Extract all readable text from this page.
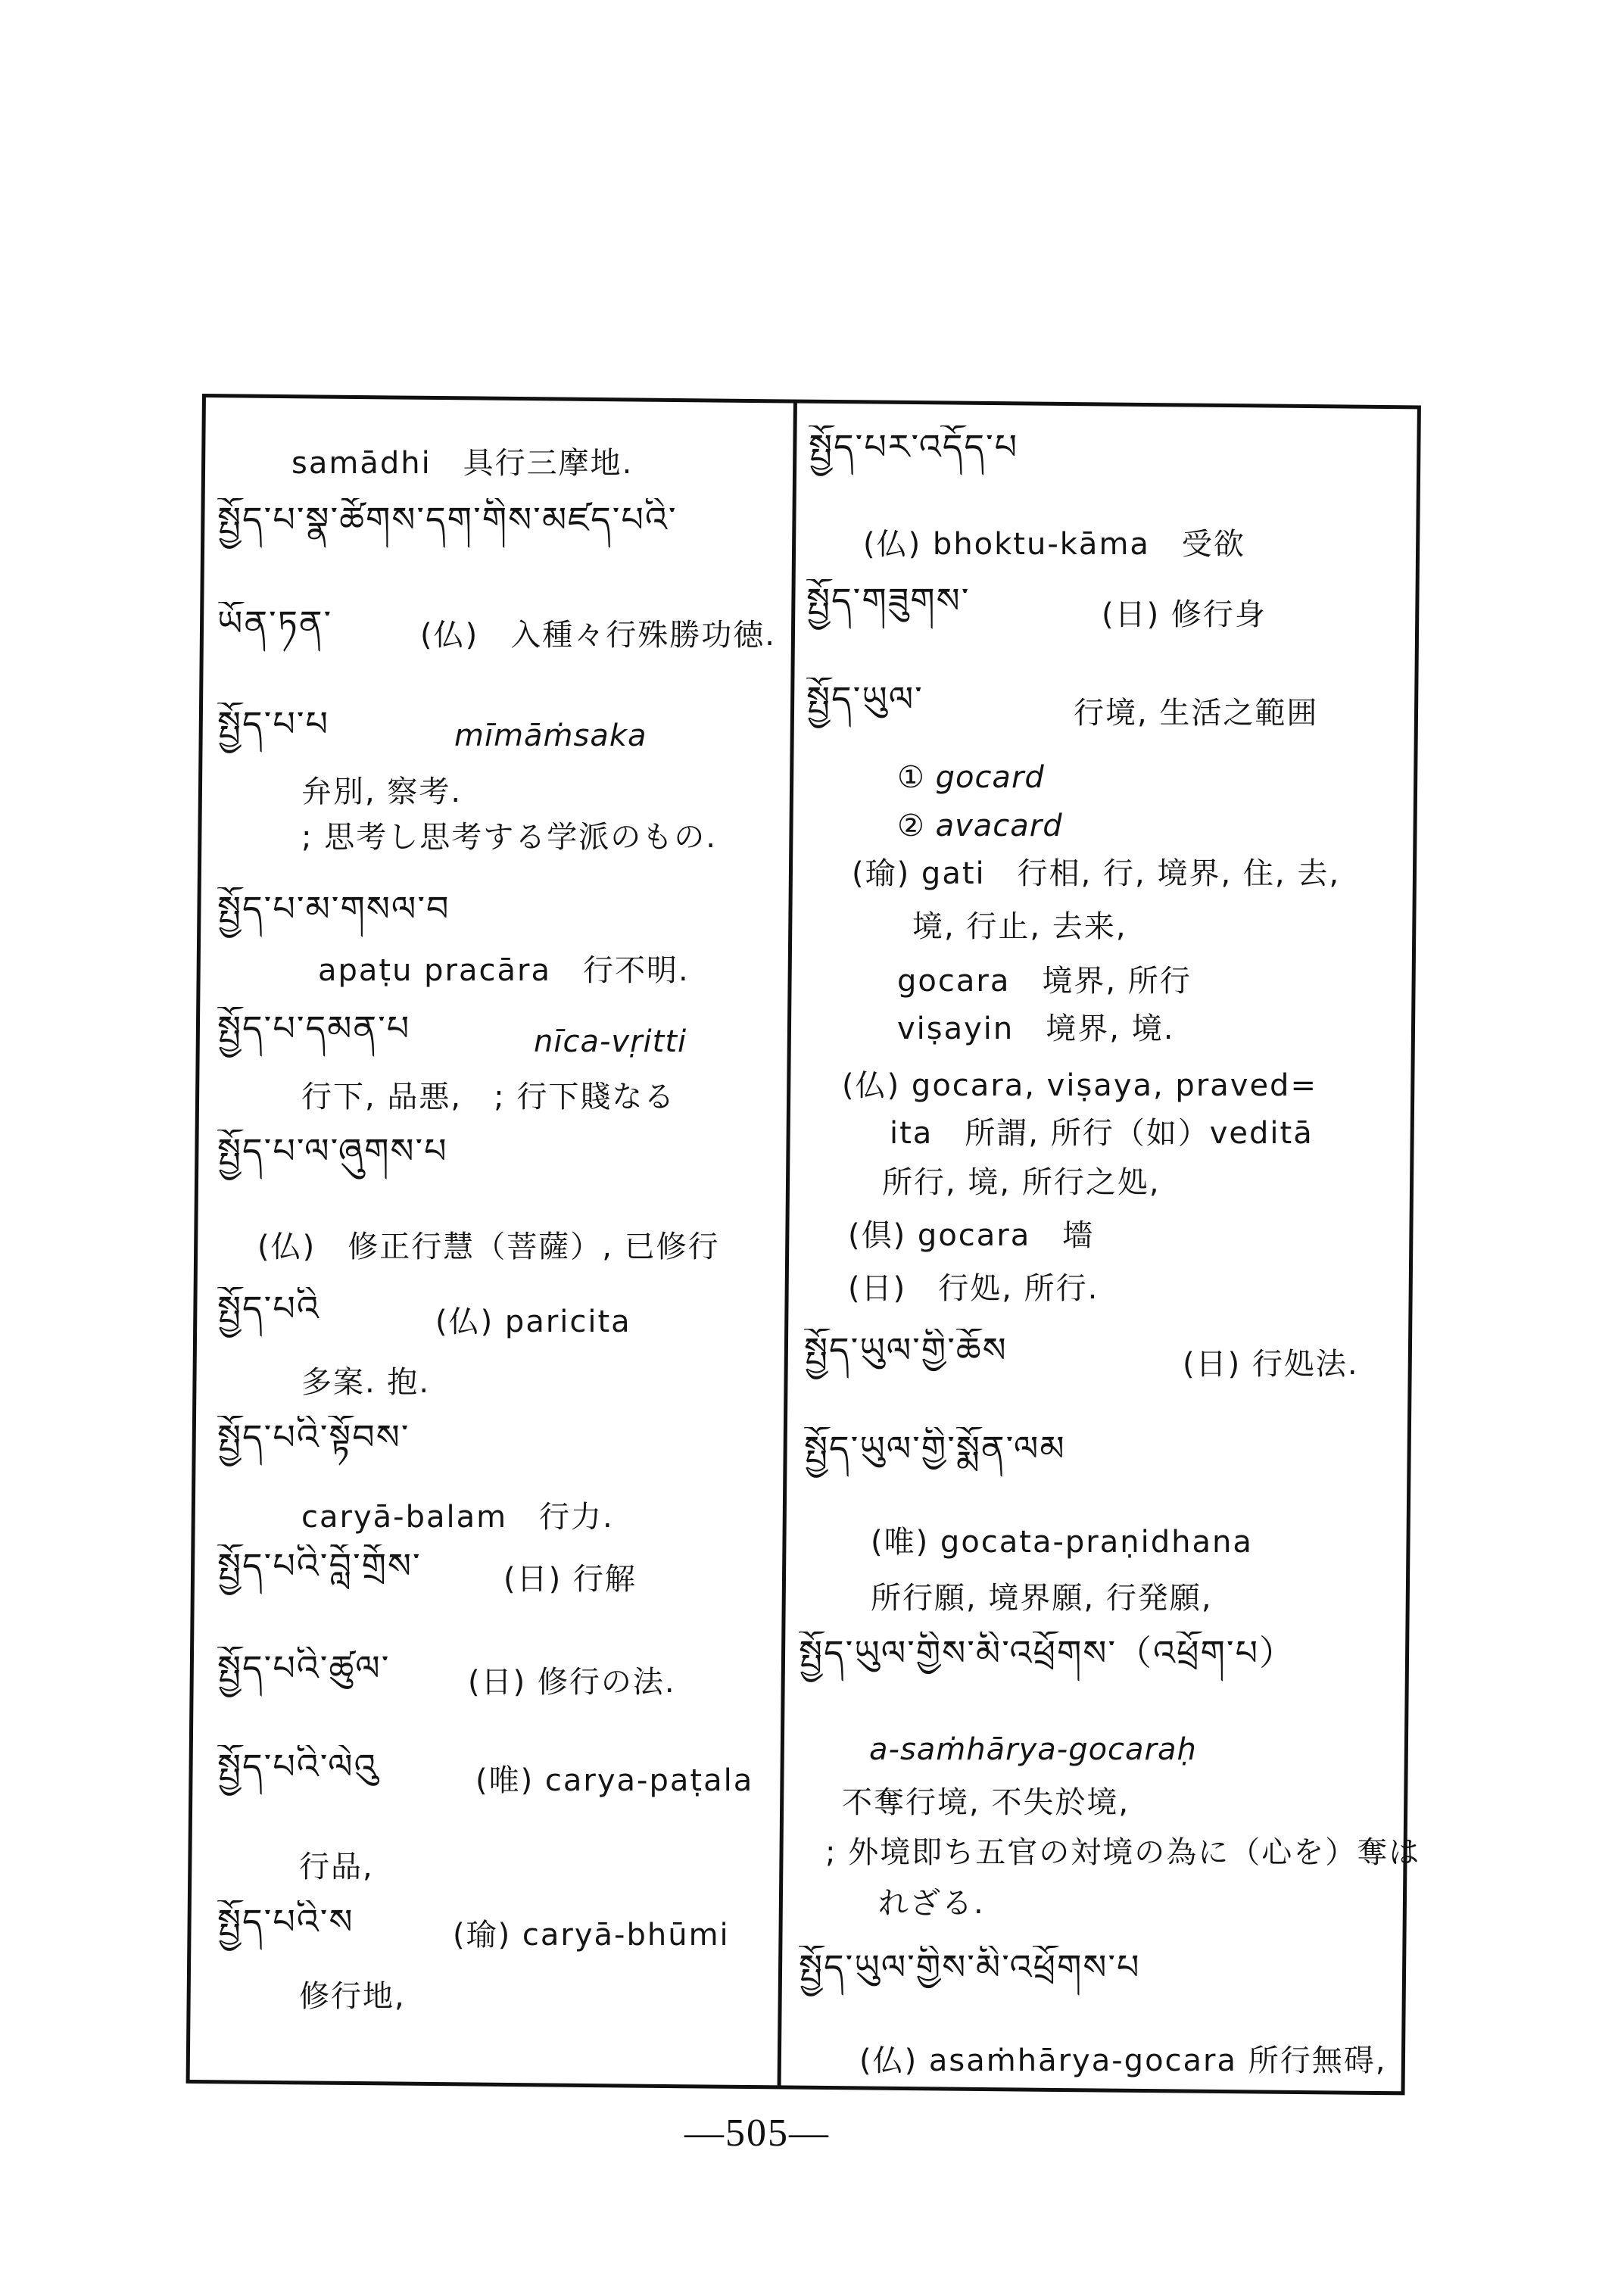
samādhi　具行三摩地.
སྤྱོད་པ་སྣ་ཚོགས་དག་གིས་མཛད་པའི་
ཡོན་ཏན་	(仏)　入種々行殊勝功徳.
སྤྱོད་པ་པ	mīmāṁsaka
弁別, 察考.
; 思考し思考する学派のもの.
སྤྱོད་པ་མ་གསལ་བ
apaṭu pracāra　行不明.
སྤྱོད་པ་དམན་པ	nīca-vṛitti
行下, 品悪,　; 行下賤なる
སྤྱོད་པ་ལ་ཞུགས་པ
(仏)　修正行慧（菩薩）, 已修行
སྤྱོད་པའི	(仏) paricita
多案. 抱.
སྤྱོད་པའི་སྟོབས་
caryā-balam　行力.
སྤྱོད་པའི་བློ་གྲོས་	(日) 行解
སྤྱོད་པའི་ཚུལ་	(日) 修行の法.
སྤྱོད་པའི་ལེའུ	(唯) carya-paṭala
行品,
སྤྱོད་པའི་ས	(瑜) caryā-bhūmi
修行地,
སྤྱོད་པར་འདོད་པ
(仏) bhoktu-kāma　受欲
སྤྱོད་གཟུགས་	(日) 修行身
སྤྱོད་ཡུལ་	行境, 生活之範囲
① gocard
② avacard
(瑜) gati　行相, 行, 境界, 住, 去,
境, 行止, 去来,
gocara　境界, 所行
viṣayin　境界, 境.
(仏) gocara, viṣaya, praved=
ita　所謂, 所行（如）veditā
所行, 境, 所行之処,
(倶) gocara　墻
(日)　行処, 所行.
སྤྱོད་ཡུལ་གྱི་ཆོས	(日) 行処法.
སྤྱོད་ཡུལ་གྱི་སྨོན་ལམ
(唯) gocata-praṇidhana
所行願, 境界願, 行発願,
སྤྱོད་ཡུལ་གྱིས་མི་འཕྲོགས་（འཕྲོག་པ）
a-saṁhārya-gocaraḥ
不奪行境, 不失於境,
; 外境即ち五官の対境の為に（心を）奪は
れざる.
སྤྱོད་ཡུལ་གྱིས་མི་འཕྲོགས་པ
(仏) asaṁhārya-gocara 所行無碍,
—505—
